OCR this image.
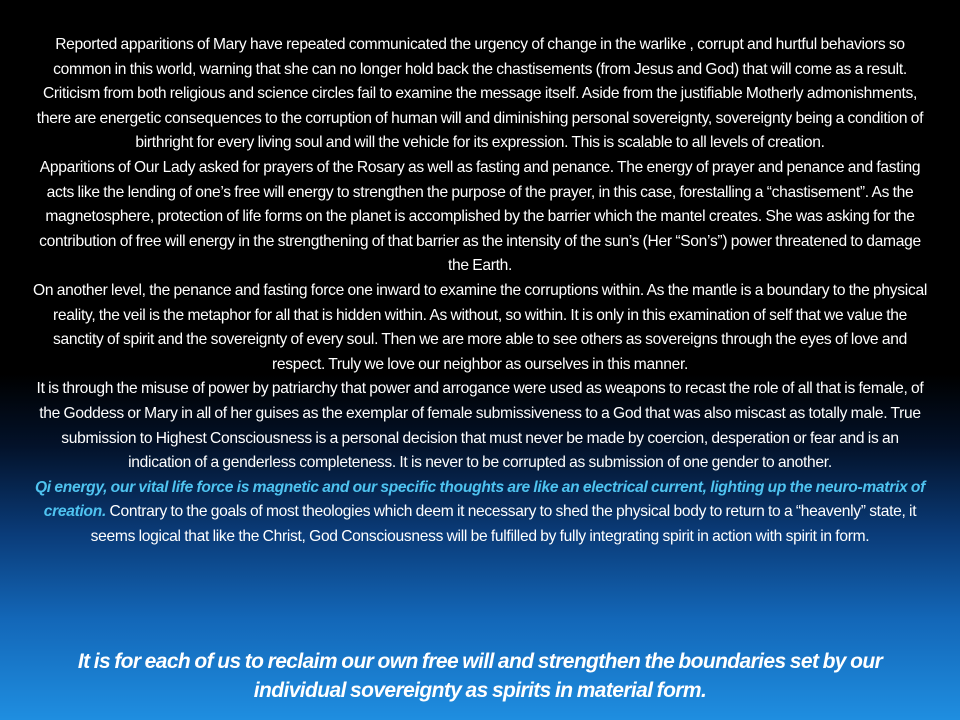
Reported apparitions of Mary have repeated communicated the urgency of change in the warlike , corrupt and hurtful behaviors so common in this world, warning that she can no longer hold back the chastisements (from Jesus and God) that will come as a result. Criticism from both religious and science circles fail to examine the message itself. Aside from the justifiable Motherly admonishments, there are energetic consequences to the corruption of human will and diminishing personal sovereignty, sovereignty being a condition of birthright for every living soul and will the vehicle for its expression. This is scalable to all levels of creation.

Apparitions of Our Lady asked for prayers of the Rosary as well as fasting and penance. The energy of prayer and penance and fasting acts like the lending of one’s free will energy to strengthen the purpose of the prayer, in this case, forestalling a “chastisement”. As the magnetosphere, protection of life forms on the planet is accomplished by the barrier which the mantel creates. She was asking for the contribution of free will energy in the strengthening of that barrier as the intensity of the sun’s (Her “Son’s”) power threatened to damage the Earth.

On another level, the penance and fasting force one inward to examine the corruptions within. As the mantle is a boundary to the physical reality, the veil is the metaphor for all that is hidden within. As without, so within. It is only in this examination of self that we value the sanctity of spirit and the sovereignty of every soul. Then we are more able to see others as sovereigns through the eyes of love and respect. Truly we love our neighbor as ourselves in this manner.

It is through the misuse of power by patriarchy that power and arrogance were used as weapons to recast the role of all that is female, of the Goddess or Mary in all of her guises as the exemplar of female submissiveness to a God that was also miscast as totally male. True submission to Highest Consciousness is a personal decision that must never be made by coercion, desperation or fear and is an indication of a genderless completeness. It is never to be corrupted as submission of one gender to another.

Qi energy, our vital life force is magnetic and our specific thoughts are like an electrical current, lighting up the neuro-matrix of creation. Contrary to the goals of most theologies which deem it necessary to shed the physical body to return to a “heavenly” state, it seems logical that like the Christ, God Consciousness will be fulfilled by fully integrating spirit in action with spirit in form.

It is for each of us to reclaim our own free will and strengthen the boundaries set by our individual sovereignty as spirits in material form.
